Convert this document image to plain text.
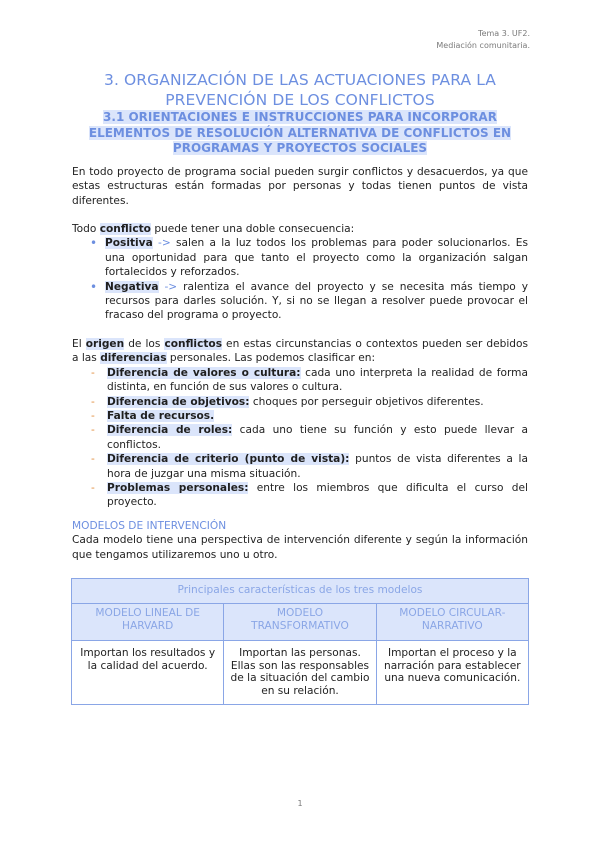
Tema 3. UF2.
Mediación comunitaria.
3. ORGANIZACIÓN DE LAS ACTUACIONES PARA LA PREVENCIÓN DE LOS CONFLICTOS
3.1 ORIENTACIONES E INSTRUCCIONES PARA INCORPORAR ELEMENTOS DE RESOLUCIÓN ALTERNATIVA DE CONFLICTOS EN PROGRAMAS Y PROYECTOS SOCIALES

En todo proyecto de programa social pueden surgir conflictos y desacuerdos, ya que estas estructuras están formadas por personas y todas tienen puntos de vista diferentes.

Todo conflicto puede tener una doble consecuencia:

• Positiva -> salen a la luz todos los problemas para poder solucionarlos. Es una oportunidad para que tanto el proyecto como la organización salgan fortalecidos y reforzados.
• Negativa -> ralentiza el avance del proyecto y se necesita más tiempo y recursos para darles solución. Y, si no se llegan a resolver puede provocar el fracaso del programa o proyecto.

El origen de los conflictos en estas circunstancias o contextos pueden ser debidos a las diferencias personales. Las podemos clasificar en:

- Diferencia de valores o cultura: cada uno interpreta la realidad de forma distinta, en función de sus valores o cultura.
- Diferencia de objetivos: choques por perseguir objetivos diferentes.
- Falta de recursos.
- Diferencia de roles: cada uno tiene su función y esto puede llevar a conflictos.
- Diferencia de criterio (punto de vista): puntos de vista diferentes a la hora de juzgar una misma situación.
- Problemas personales: entre los miembros que dificulta el curso del proyecto.

MODELOS DE INTERVENCIÓN

Cada modelo tiene una perspectiva de intervención diferente y según la información que tengamos utilizaremos uno u otro.

Principales características de los tres modelos		
MODELO LINEAL DE HARVARD	MODELO TRANSFORMATIVO	MODELO CIRCULAR-NARRATIVO
Importan los resultados y la calidad del acuerdo.	Importan las personas. Ellas son las responsables de la situación del cambio en su relación.	Importan el proceso y la narración para establecer una nueva comunicación.
1
